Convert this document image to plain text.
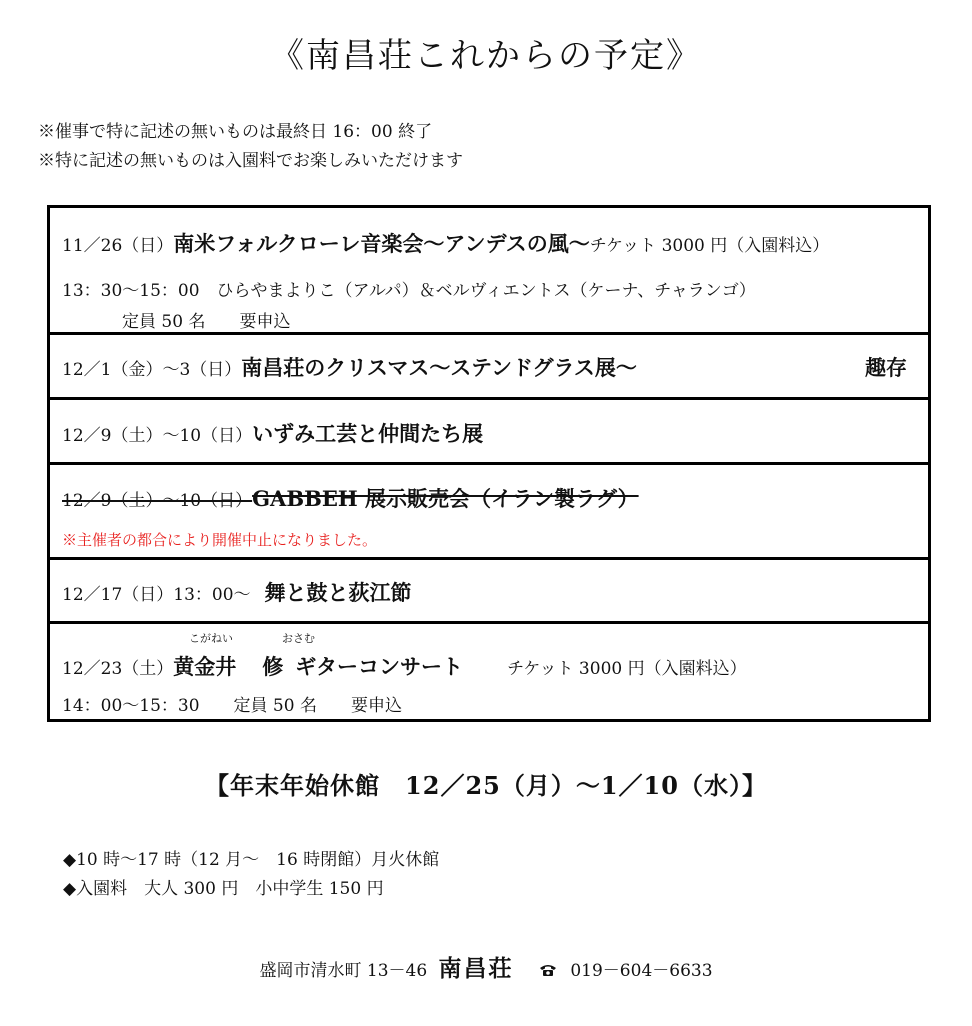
《南昌荘これからの予定》
※催事で特に記述の無いものは最終日 16：00 終了
※特に記述の無いものは入園料でお楽しみいただけます
11／26（日）南米フォルクローレ音楽会〜アンデスの風〜チケット 3000 円（入園料込）
13：30〜15：00　ひらやまよりこ（アルパ）＆ベルヴィエントス（ケーナ、チャランゴ）
定員 50 名　　要申込
12／1（金）〜3（日）南昌荘のクリスマス〜ステンドグラス展〜	趣存
12／9（土）〜10（日）いずみ工芸と仲間たち展
12／9（土）〜10（日）GABBEH 展示販売会（イラン製ラグ）
※主催者の都合により開催中止になりました。
12／17（日）13：00〜 舞と鼓と荻江節
こがねい	おさむ
12／23（土）黄金井 修 ギターコンサート	チケット 3000 円（入園料込）
14：00〜15：30　　定員 50 名　　要申込
【年末年始休館　12／25（月）〜1／10（水）】
◆10 時〜17 時（12 月〜　16 時閉館）月火休館
◆入園料　大人 300 円　小中学生 150 円
盛岡市清水町 13－46 南昌荘	019－604－6633
